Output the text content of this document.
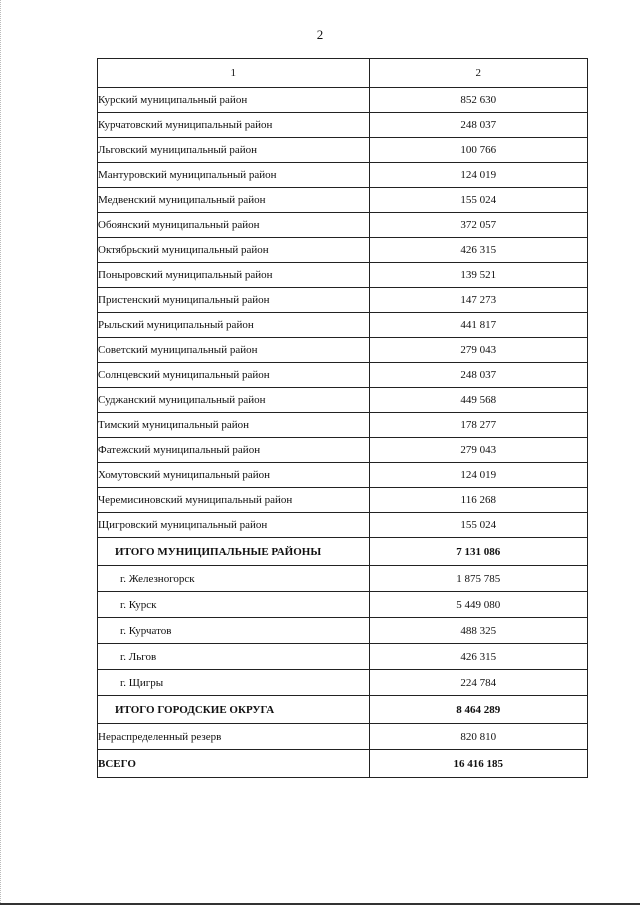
2
1	2
Курский муниципальный район	852 630
Курчатовский муниципальный район	248 037
Льговский муниципальный район	100 766
Мантуровский муниципальный район	124 019
Медвенский муниципальный район	155 024
Обоянский муниципальный район	372 057
Октябрьский муниципальный район	426 315
Поныровский муниципальный район	139 521
Пристенский муниципальный район	147 273
Рыльский муниципальный район	441 817
Советский муниципальный район	279 043
Солнцевский муниципальный район	248 037
Суджанский муниципальный район	449 568
Тимский муниципальный район	178 277
Фатежский муниципальный район	279 043
Хомутовский муниципальный район	124 019
Черемисиновский муниципальный район	116 268
Щигровский муниципальный район	155 024
ИТОГО МУНИЦИПАЛЬНЫЕ РАЙОНЫ	7 131 086
г. Железногорск	1 875 785
г. Курск	5 449 080
г. Курчатов	488 325
г. Льгов	426 315
г. Щигры	224 784
ИТОГО ГОРОДСКИЕ ОКРУГА	8 464 289
Нераспределенный резерв	820 810
ВСЕГО	16 416 185
